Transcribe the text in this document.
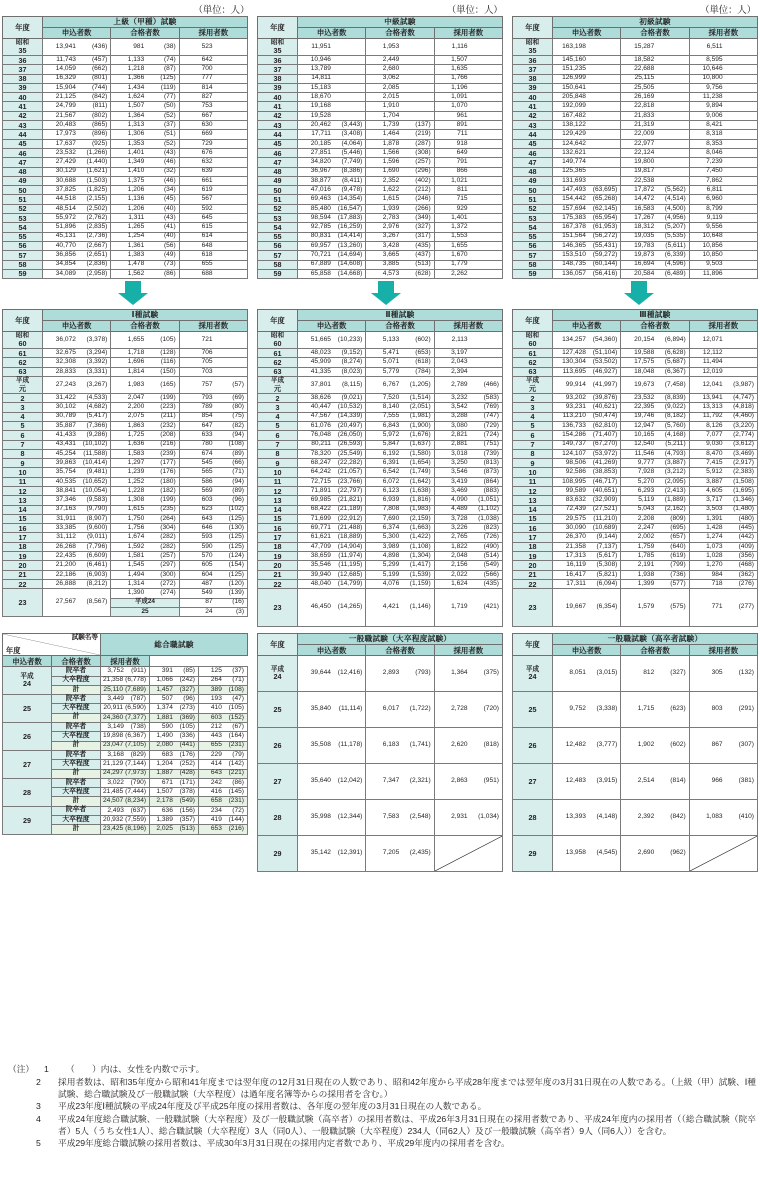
（単位：人）	（単位：人）	（単位：人）
年度	上級（甲種）試験		
	申込者数	合格者数	採用者数
昭和
35	13,941 (436)	981 (38)	523

36	11,743 (457)	1,133 (74)	642

37	14,059 (662)	1,218 (87)	700

38	16,329 (801)	1,366 (125)	777

39	15,904 (744)	1,434 (119)	814

40	21,125 (842)	1,624 (77)	827

41	24,799 (811)	1,507 (50)	753

42	21,567 (802)	1,364 (52)	667

43	20,483 (865)	1,313 (37)	630

44	17,973 (896)	1,306 (51)	669

45	17,637 (925)	1,353 (52)	729

46	23,532 (1,266)	1,401 (43)	676

47	27,429 (1,440)	1,349 (46)	632

48	30,129 (1,621)	1,410 (32)	639

49	30,688 (1,503)	1,375 (46)	661

50	37,825 (1,825)	1,206 (34)	619

51	44,518 (2,155)	1,136 (45)	567

52	48,514 (2,502)	1,206 (40)	592

53	55,972 (2,762)	1,311 (43)	645

54	51,896 (2,835)	1,265 (41)	615

55	45,131 (2,736)	1,254 (40)	614

56	40,770 (2,667)	1,361 (56)	648

57	36,856 (2,651)	1,383 (49)	618

58	34,854 (2,836)	1,478 (73)	655

59	34,089 (2,958)	1,562 (86)	688
年度	中級試験		
	申込者数	合格者数	採用者数
昭和
35	11,951	1,953	1,116

36	10,946	2,449	1,507

37	13,789	2,680	1,635

38	14,811	3,062	1,766

39	15,183	2,085	1,196

40	18,670	2,015	1,091

41	19,168	1,910	1,070

42	19,528	1,704	961

43	20,462 (3,443)	1,739 (137)	891

44	17,711 (3,408)	1,464 (219)	711

45	20,185 (4,064)	1,878 (287)	918

46	27,851 (5,446)	1,566 (308)	649

47	34,820 (7,749)	1,596 (257)	791

48	36,967 (8,386)	1,690 (296)	866

49	38,877 (8,411)	2,352 (402)	1,021

50	47,016 (9,478)	1,622 (212)	811

51	69,463 (14,354)	1,615 (246)	715

52	85,480 (16,547)	1,939 (266)	929

53	98,594 (17,883)	2,783 (349)	1,401

54	92,785 (16,259)	2,976 (327)	1,372

55	80,831 (14,414)	3,267 (317)	1,553

56	69,957 (13,260)	3,428 (435)	1,655

57	70,721 (14,694)	3,665 (437)	1,670

58	67,889 (14,608)	3,885 (513)	1,779

59	65,858 (14,668)	4,573 (628)	2,262
年度	初級試験		
	申込者数	合格者数	採用者数
昭和
35	163,198	15,287	6,511

36	145,160	18,582	8,595

37	151,235	22,688	10,646

38	126,999	25,115	10,800

39	150,641	25,505	9,756

40	205,848	26,169	11,238

41	192,099	22,818	9,894

42	167,482	21,833	9,006

43	138,122	21,319	8,421

44	129,429	22,009	8,318

45	124,642	22,977	8,353

46	132,621	22,124	8,046

47	149,774	19,800	7,239

48	125,365	19,817	7,450

49	131,693	22,538	7,862

50	147,493 (63,695)	17,872 (5,562)	6,811

51	154,442 (65,268)	14,472 (4,514)	6,960

52	157,694 (62,145)	16,583 (4,500)	8,799

53	175,383 (65,954)	17,267 (4,956)	9,119

54	167,378 (61,953)	18,312 (5,207)	9,556

55	151,564 (56,272)	19,035 (5,535)	10,648

56	146,365 (55,431)	19,783 (5,611)	10,856

57	153,510 (59,272)	19,873 (6,339)	10,850

58	148,735 (60,144)	16,694 (4,596)	9,503

59	136,057 (56,416)	20,584 (6,489)	11,896
年度	Ⅰ種試験		
	申込者数	合格者数	採用者数
昭和
60	36,072 (3,378)	1,655 (105)	721

61	32,675 (3,294)	1,718 (128)	706

62	32,308 (3,392)	1,696 (116)	705

63	28,833 (3,331)	1,814 (150)	703

平成
元	27,243 (3,267)	1,983 (165)	757 (57)

2	31,422 (4,533)	2,047 (199)	793 (69)

3	30,102 (4,682)	2,200 (223)	789 (80)

4	30,789 (5,417)	2,075 (211)	854 (75)

5	35,887 (7,366)	1,863 (232)	647 (82)

6	41,433 (9,286)	1,725 (208)	633 (94)

7	43,431 (10,102)	1,636 (216)	780 (108)

8	45,254 (11,588)	1,583 (239)	674 (89)

9	39,863 (10,414)	1,297 (177)	545 (66)

10	35,754 (9,481)	1,239 (176)	565 (71)

11	40,535 (10,652)	1,252 (180)	586 (94)

12	38,841 (10,054)	1,228 (182)	569 (89)

13	37,346 (9,583)	1,308 (199)	603 (96)

14	37,163 (9,790)	1,615 (235)	623 (102)

15	31,911 (8,907)	1,750 (264)	643 (125)

16	33,385 (9,600)	1,756 (304)	646 (130)

17	31,112 (9,011)	1,674 (282)	593 (125)

18	26,268 (7,796)	1,592 (282)	590 (125)

19	22,435 (6,609)	1,581 (257)	570 (124)

20	21,200 (6,461)	1,545 (297)	605 (154)

21	22,186 (6,903)	1,494 (300)	604 (125)

22	26,888 (8,212)	1,314 (272)	487 (120)

23	27,567 (8,567)	1,390 (274)	549 (139)

		平成24	87 (16)

		25	24 (3)
年度	Ⅱ種試験		
	申込者数	合格者数	採用者数
昭和
60	51,665 (10,233)	5,133 (602)	2,113

61	48,023 (9,152)	5,471 (653)	3,197

62	45,909 (8,274)	5,071 (618)	2,043

63	41,335 (8,023)	5,779 (784)	2,394

平成
元	37,801 (8,115)	6,767 (1,205)	2,789 (466)

2	38,626 (9,021)	7,520 (1,514)	3,232 (583)

3	40,447 (10,532)	8,140 (2,051)	3,542 (769)

4	47,567 (14,339)	7,555 (1,981)	3,288 (747)

5	61,076 (20,497)	6,843 (1,900)	3,080 (729)

6	76,048 (26,050)	5,972 (1,676)	2,821 (724)

7	80,211 (26,593)	5,847 (1,637)	2,881 (751)

8	78,320 (25,549)	6,192 (1,580)	3,018 (739)

9	68,247 (22,282)	6,391 (1,654)	3,250 (813)

10	64,242 (21,057)	6,542 (1,749)	3,546 (873)

11	72,715 (23,766)	6,072 (1,642)	3,419 (864)

12	71,891 (22,797)	6,123 (1,638)	3,469 (883)

13	69,985 (21,821)	6,939 (1,816)	4,090 (1,051)

14	68,422 (21,189)	7,808 (1,983)	4,489 (1,102)

15	71,699 (22,912)	7,690 (2,159)	3,728 (1,038)

16	69,771 (21,488)	6,374 (1,663)	3,226 (823)

17	61,621 (18,889)	5,300 (1,422)	2,765 (726)

18	47,709 (14,904)	3,989 (1,108)	1,822 (490)

19	38,659 (11,974)	4,898 (1,304)	2,048 (514)

20	35,546 (11,195)	5,299 (1,417)	2,156 (549)

21	39,940 (12,685)	5,199 (1,539)	2,022 (566)

22	48,040 (14,799)	4,076 (1,159)	1,624 (435)

23	46,450 (14,265)	4,421 (1,146)	1,719 (421)
年度	Ⅲ種試験		
	申込者数	合格者数	採用者数
昭和
60	134,257 (54,360)	20,154 (6,894)	12,071

61	127,428 (51,104)	19,588 (6,628)	12,112

62	130,304 (53,502)	17,575 (5,687)	11,494

63	113,695 (46,927)	18,048 (6,367)	12,019

平成
元	99,914 (41,997)	19,673 (7,458)	12,041 (3,987)

2	93,202 (39,876)	23,532 (8,839)	13,941 (4,747)

3	93,231 (40,621)	22,395 (9,022)	13,313 (4,818)

4	113,210 (50,474)	19,746 (8,182)	11,792 (4,460)

5	136,733 (62,810)	12,947 (5,760)	8,126 (3,220)

6	154,286 (71,407)	10,165 (4,168)	7,077 (2,774)

7	149,737 (67,270)	12,540 (5,211)	9,030 (3,612)

8	124,107 (53,972)	11,546 (4,793)	8,470 (3,469)

9	98,506 (41,269)	9,777 (3,887)	7,415 (2,917)

10	92,586 (38,853)	7,928 (3,212)	5,912 (2,383)

11	108,995 (46,717)	5,270 (2,095)	3,887 (1,508)

12	99,589 (40,651)	6,293 (2,413)	4,605 (1,695)

13	83,632 (32,909)	5,119 (1,889)	3,717 (1,346)

14	72,439 (27,521)	5,043 (2,162)	3,503 (1,480)

15	29,575 (11,210)	2,208 (809)	1,391 (480)

16	30,090 (10,689)	2,247 (695)	1,428 (445)

17	26,370 (9,144)	2,002 (657)	1,274 (442)

18	21,358 (7,137)	1,759 (640)	1,073 (409)

19	17,313 (5,617)	1,785 (619)	1,028 (356)

20	16,119 (5,308)	2,191 (799)	1,270 (468)

21	16,417 (5,821)	1,938 (736)	984 (362)

22	17,311 (6,094)	1,399 (577)	718 (276)

23	19,667 (6,354)	1,579 (575)	771 (277)
試験名等
年度		総合職試験		
申込者数	合格者数	採用者数		
平成
24	院卒者	3,752 (911)	391 (85)	125 (37)

	大卒程度	21,358 (6,778)	1,066 (242)	264 (71)

	計	25,110 (7,689)	1,457 (327)	389 (108)

25	院卒者	3,449 (787)	507 (96)	193 (47)

	大卒程度	20,911 (6,590)	1,374 (273)	410 (105)

	計	24,360 (7,377)	1,881 (369)	603 (152)

26	院卒者	3,149 (738)	590 (105)	212 (67)

	大卒程度	19,898 (6,367)	1,490 (336)	443 (164)

	計	23,047 (7,105)	2,080 (441)	655 (231)

27	院卒者	3,168 (829)	683 (176)	229 (79)

	大卒程度	21,129 (7,144)	1,204 (252)	414 (142)

	計	24,297 (7,973)	1,887 (428)	643 (221)

28	院卒者	3,022 (790)	671 (171)	242 (86)

	大卒程度	21,485 (7,444)	1,507 (378)	416 (145)

	計	24,507 (8,234)	2,178 (549)	658 (231)

29	院卒者	2,493 (637)	636 (156)	234 (72)

	大卒程度	20,932 (7,559)	1,389 (357)	419 (144)

	計	23,425 (8,196)	2,025 (513)	653 (216)
年度	一般職試験（大卒程度試験）		
	申込者数	合格者数	採用者数
平成
24	39,644 (12,416)	2,893 (793)	1,364 (375)

25	35,840 (11,114)	6,017 (1,722)	2,728 (720)

26	35,508 (11,178)	6,183 (1,741)	2,620 (818)

27	35,640 (12,042)	7,347 (2,321)	2,863 (951)

28	35,998 (12,344)	7,583 (2,548)	2,931 (1,034)

29	35,142 (12,391)	7,205 (2,435)

年度	一般職試験（高卒者試験）		
	申込者数	合格者数	採用者数
平成
24	8,051 (3,015)	812 (327)	305 (132)

25	9,752 (3,338)	1,715 (623)	803 (291)

26	12,482 (3,777)	1,902 (602)	867 (307)

27	12,483 (3,915)	2,514 (814)	966 (381)

28	13,393 (4,148)	2,392 (842)	1,083 (410)

29	13,958 (4,545)	2,690 (962)

（注）	1	（　　）内は、女性を内数で示す。
2	採用者数は、昭和35年度から昭和41年度までは翌年度の12月31日現在の人数であり、昭和42年度から平成28年度までは翌年度の3月31日現在の人数である。（上級（甲）試験、Ⅰ種試験、総合職試験及び一般職試験（大卒程度）は過年度名簿等からの採用者を含む。）
3	平成23年度Ⅰ種試験の平成24年度及び平成25年度の採用者数は、各年度の翌年度の3月31日現在の人数である。
4	平成24年度総合職試験、一般職試験（大卒程度）及び一般職試験（高卒者）の採用者数は、平成26年3月31日現在の採用者数であり、平成24年度内の採用者（（総合職試験（院卒者）5人（うち女性1人）、総合職試験（大卒程度）3人（同0人）、一般職試験（大卒程度）234人（同62人）及び一般職試験（高卒者）9人（同6人））を含む。
5	平成29年度総合職試験の採用者数は、平成30年3月31日現在の採用内定者数であり、平成29年度内の採用者を含む。
